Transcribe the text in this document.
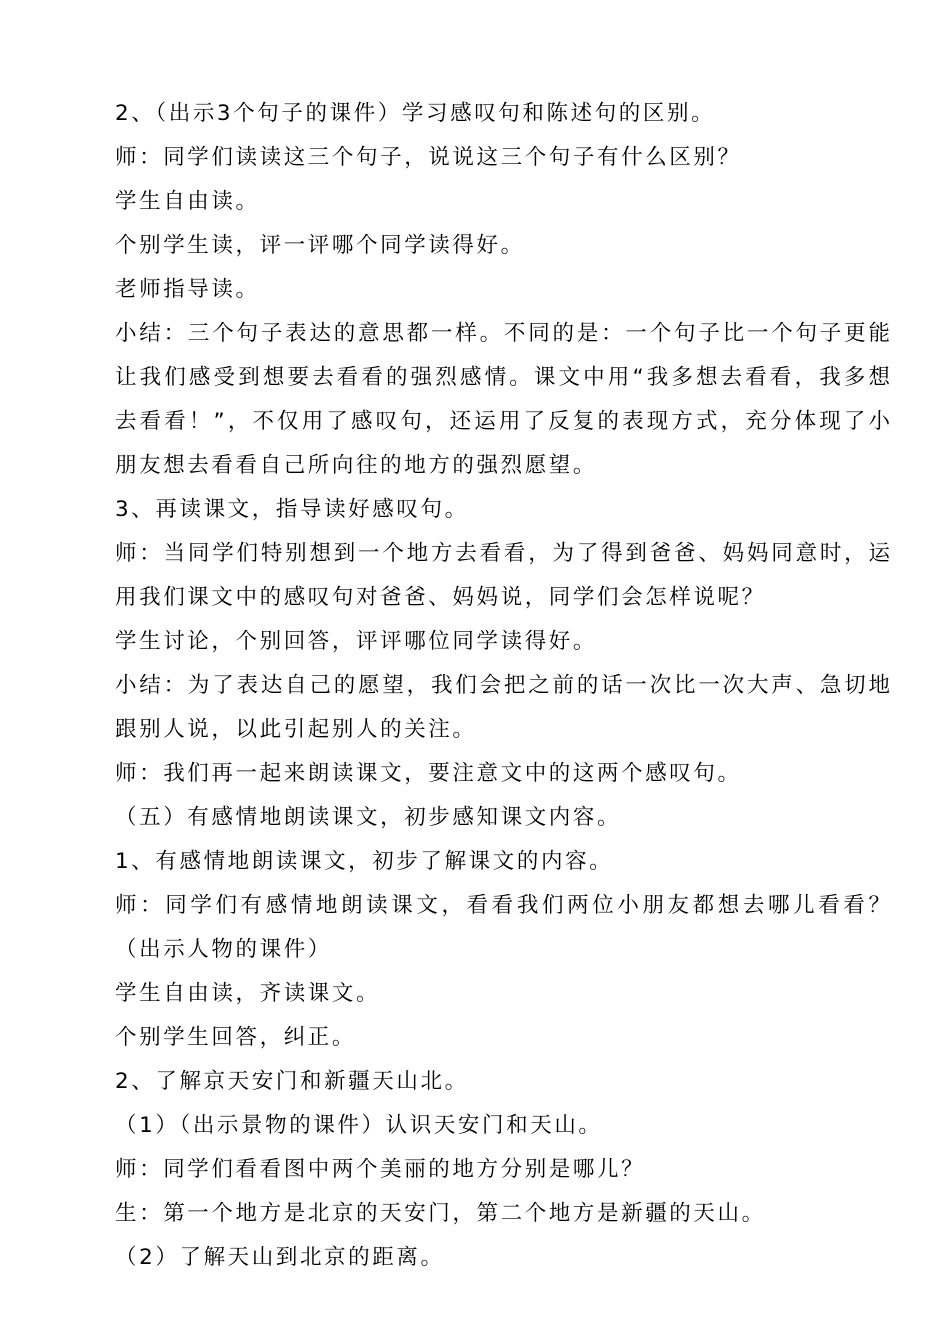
2、（出示3个句子的课件）学习感叹句和陈述句的区别。
师：同学们读读这三个句子，说说这三个句子有什么区别？
学生自由读。
个别学生读，评一评哪个同学读得好。
老师指导读。
小结：三个句子表达的意思都一样。不同的是：一个句子比一个句子更能
让我们感受到想要去看看的强烈感情。课文中用“我多想去看看，我多想
去看看！”，不仅用了感叹句，还运用了反复的表现方式，充分体现了小
朋友想去看看自己所向往的地方的强烈愿望。
3、再读课文，指导读好感叹句。
师：当同学们特别想到一个地方去看看，为了得到爸爸、妈妈同意时，运
用我们课文中的感叹句对爸爸、妈妈说，同学们会怎样说呢？
学生讨论，个别回答，评评哪位同学读得好。
小结：为了表达自己的愿望，我们会把之前的话一次比一次大声、急切地
跟别人说，以此引起别人的关注。
师：我们再一起来朗读课文，要注意文中的这两个感叹句。
（五）有感情地朗读课文，初步感知课文内容。
1、有感情地朗读课文，初步了解课文的内容。
师：同学们有感情地朗读课文，看看我们两位小朋友都想去哪儿看看？
（出示人物的课件）
学生自由读，齐读课文。
个别学生回答，纠正。
2、了解京天安门和新疆天山北。
（1）（出示景物的课件）认识天安门和天山。
师：同学们看看图中两个美丽的地方分别是哪儿？
生：第一个地方是北京的天安门，第二个地方是新疆的天山。
（2）了解天山到北京的距离。
